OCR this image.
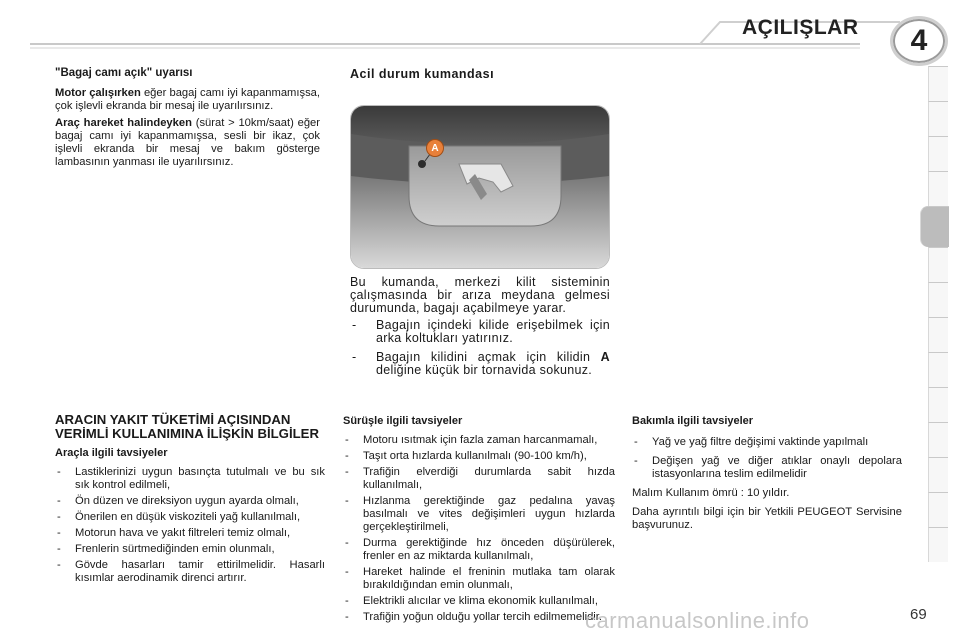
AÇILIŞLAR	4
"Bagaj camı açık" uyarısı

Motor çalışırken eğer bagaj camı iyi kapanmamışsa, çok işlevli ekranda bir mesaj ile uyarılırsınız.

Araç hareket halindeyken (sürat > 10km/saat) eğer bagaj camı iyi kapanmamışsa, sesli bir ikaz, çok işlevli ekranda bir mesaj ve bakım gösterge lambasının yanması ile uyarılırsınız.

Acil durum kumandası
A

Bu kumanda, merkezi kilit sisteminin çalışmasında bir arıza meydana gelmesi durumunda, bagajı açabilmeye yarar.

- Bagajın içindeki kilide erişebilmek için arka koltukları yatırınız.
- Bagajın kilidini açmak için kilidin A deliğine küçük bir tornavida sokunuz.
ARACIN YAKIT TÜKETİMİ AÇISINDAN VERİMLİ KULLANIMINA İLİŞKİN BİLGİLER
Araçla ilgili tavsiyeler
- Lastiklerinizi uygun basınçta tutulmalı ve bu sık sık kontrol edilmeli,
- Ön düzen ve direksiyon uygun ayarda olmalı,
- Önerilen en düşük viskoziteli yağ kullanılmalı,
- Motorun hava ve yakıt filtreleri temiz olmalı,
- Frenlerin sürtmediğinden emin olunmalı,
- Gövde hasarları tamir ettirilmelidir. Hasarlı kısımlar aerodinamik direnci artırır.
Sürüşle ilgili tavsiyeler
- Motoru ısıtmak için fazla zaman harcanmamalı,
- Taşıt orta hızlarda kullanılmalı (90-100 km/h),
- Trafiğin elverdiği durumlarda sabit hızda kullanılmalı,
- Hızlanma gerektiğinde gaz pedalına yavaş basılmalı ve vites değişimleri uygun hızlarda gerçekleştirilmeli,
- Durma gerektiğinde hız önceden düşürülerek, frenler en az miktarda kullanılmalı,
- Hareket halinde el freninin mutlaka tam olarak bırakıldığından emin olunmalı,
- Elektrikli alıcılar ve klima ekonomik kullanılmalı,
- Trafiğin yoğun olduğu yollar tercih edilmemelidir.
Bakımla ilgili tavsiyeler
- Yağ ve yağ filtre değişimi vaktinde yapılmalı
- Değişen yağ ve diğer atıklar onaylı depolara istasyonlarına teslim edilmelidir

Malım Kullanım ömrü : 10 yıldır.

Daha ayrıntılı bilgi için bir Yetkili PEUGEOT Servisine başvurunuz.

carmanualsonline.info	69
